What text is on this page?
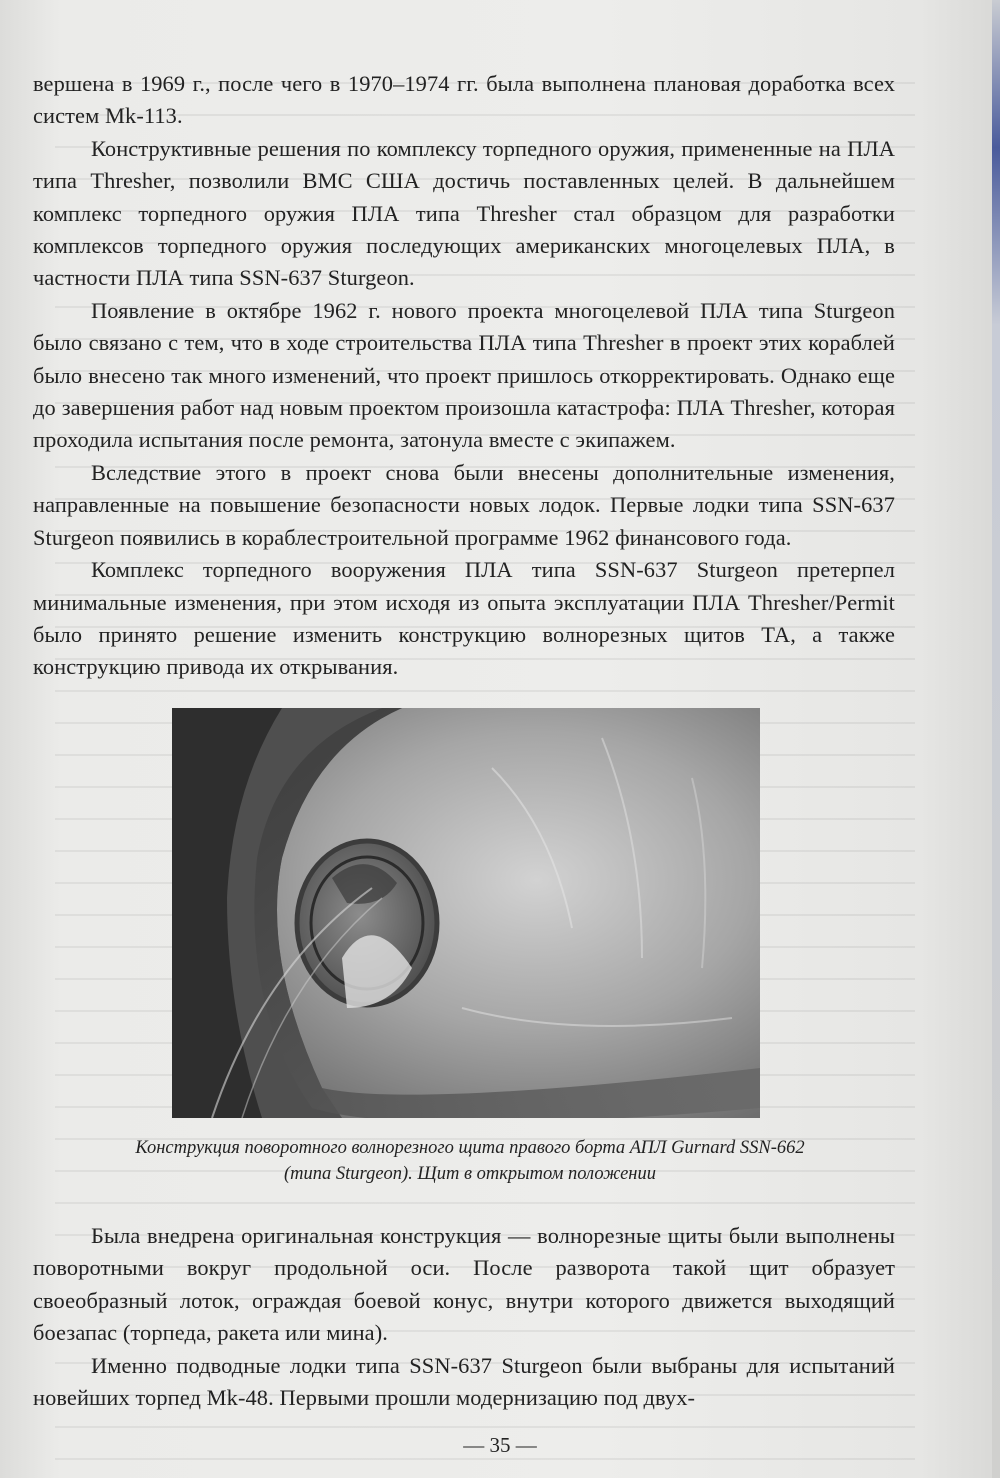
вершена в 1969 г., после чего в 1970–1974 гг. была выполнена плановая доработка всех систем Mk-113.

Конструктивные решения по комплексу торпедного оружия, примененные на ПЛА типа Thresher, позволили ВМС США достичь поставленных целей. В дальнейшем комплекс торпедного оружия ПЛА типа Thresher стал образцом для разработки комплексов торпедного оружия последующих американских многоцелевых ПЛА, в частности ПЛА типа SSN-637 Sturgeon.

Появление в октябре 1962 г. нового проекта многоцелевой ПЛА типа Sturgeon было связано с тем, что в ходе строительства ПЛА типа Thresher в проект этих кораблей было внесено так много изменений, что проект пришлось откорректировать. Однако еще до завершения работ над новым проектом произошла катастрофа: ПЛА Thresher, которая проходила испытания после ремонта, затонула вместе с экипажем.

Вследствие этого в проект снова были внесены дополнительные изменения, направленные на повышение безопасности новых лодок. Первые лодки типа SSN-637 Sturgeon появились в кораблестроительной программе 1962 финансового года.

Комплекс торпедного вооружения ПЛА типа SSN-637 Sturgeon претерпел минимальные изменения, при этом исходя из опыта эксплуатации ПЛА Thresher/Permit было принято решение изменить конструкцию волнорезных щитов ТА, а также конструкцию привода их открывания.

Конструкция поворотного волнорезного щита правого борта АПЛ Gurnard SSN-662
(типа Sturgeon). Щит в открытом положении

Была внедрена оригинальная конструкция — волнорезные щиты были выполнены поворотными вокруг продольной оси. После разворота такой щит образует своеобразный лоток, ограждая боевой конус, внутри которого движется выходящий боезапас (торпеда, ракета или мина).

Именно подводные лодки типа SSN-637 Sturgeon были выбраны для испытаний новейших торпед Mk-48. Первыми прошли модернизацию под двух-

— 35 —
